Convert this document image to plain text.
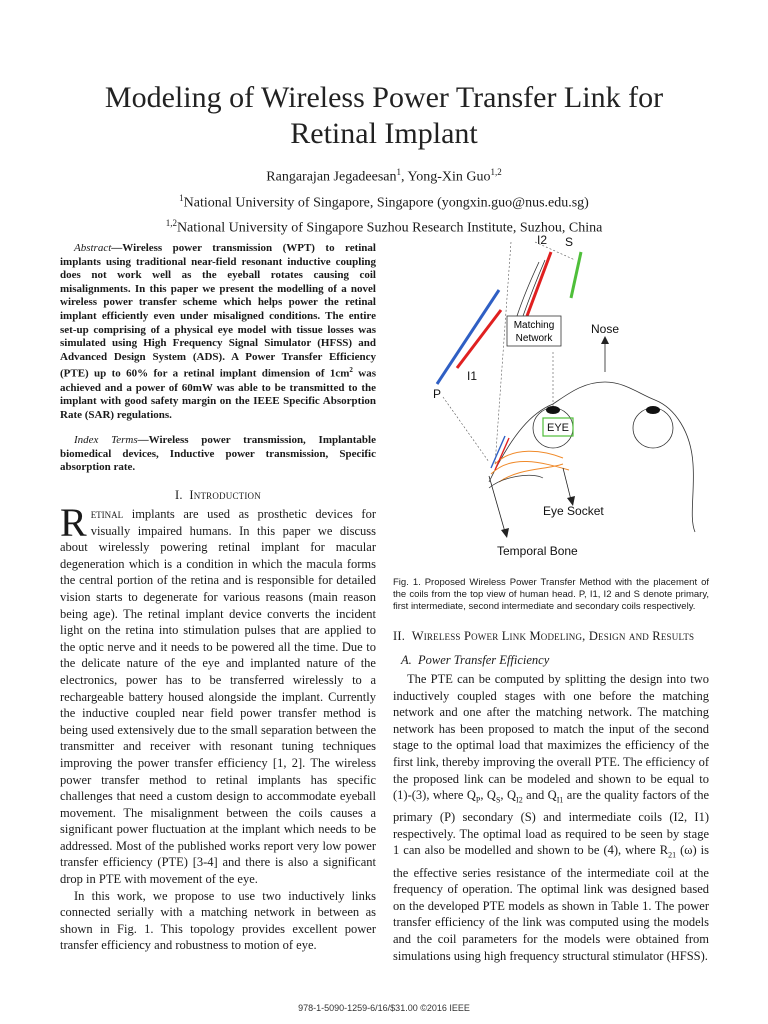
Modeling of Wireless Power Transfer Link for
Retinal Implant
Rangarajan Jegadeesan$^1$, Yong-Xin Guo$^{1,2}$
$^1$National University of Singapore, Singapore (yongxin.guo@nus.edu.sg)
$^{1,2}$National University of Singapore Suzhou Research Institute, Suzhou, China
Abstract—Wireless power transmission (WPT) to retinal implants using traditional near-field resonant inductive coupling does not work well as the eyeball rotates causing coil misalignments. In this paper we present the modelling of a novel wireless power transfer scheme which helps power the retinal implant efficiently even under misaligned conditions. The entire set-up comprising of a physical eye model with tissue losses was simulated using High Frequency Signal Simulator (HFSS) and Advanced Design System (ADS). A Power Transfer Efficiency (PTE) up to 60% for a retinal implant dimension of $1cm^2$ was achieved and a power of 60mW was able to be transmitted to the implant with good safety margin on the IEEE Specific Absorption Rate (SAR) regulations.
Index Terms—Wireless power transmission, Implantable biomedical devices, Inductive power transmission, Specific absorption rate.
I. Introduction

Retinal implants are used as prosthetic devices for visually impaired humans. In this paper we discuss about wirelessly powering retinal implant for macular degeneration which is a condition in which the macula forms the central portion of the retina and is responsible for detailed vision starts to degenerate for various reasons (main reason being age). The retinal implant device converts the incident light on the retina into stimulation pulses that are applied to the optic nerve and it needs to be powered all the time. Due to the delicate nature of the eye and implanted nature of the electronics, power has to be transferred wirelessly to a rechargeable battery housed alongside the implant. Currently the inductive coupled near field power transfer method is being used extensively due to the small separation between the transmitter and receiver with resonant tuning techniques improving the power transfer efficiency [1, 2]. The wireless power transfer method to retinal implants has specific challenges that need a custom design to accommodate eyeball movement. The misalignment between the coils causes a significant power fluctuation at the implant which needs to be addressed. Most of the published works report very low power transfer efficiency (PTE) [3-4] and there is also a significant drop in PTE with movement of the eye.

In this work, we propose to use two inductively links connected serially with a matching network in between as shown in Fig. 1. This topology provides excellent power transfer efficiency and robustness to motion of eye.

Matching
Network
I2 S
Nose
I1
P
EYE
Eye Socket
Temporal Bone
Fig. 1. Proposed Wireless Power Transfer Method with the placement of the coils from the top view of human head. P, I1, I2 and S denote primary, first intermediate, second intermediate and secondary coils respectively.
II. Wireless Power Link Modeling, Design and Results
A. Power Transfer Efficiency

The PTE can be computed by splitting the design into two inductively coupled stages with one before the matching network and one after the matching network. The matching network has been proposed to match the input of the second stage to the optimal load that maximizes the efficiency of the first link, thereby improving the overall PTE. The efficiency of the proposed link can be modeled and shown to be equal to (1)-(3), where $Q_P$, $Q_S$, $Q_{I2}$ and $Q_{I1}$ are the quality factors of the primary (P) secondary (S) and intermediate coils (I2, I1) respectively. The optimal load as required to be seen by stage 1 can also be modelled and shown to be (4), where $R_{21}$ (ω) is the effective series resistance of the intermediate coil at the frequency of operation. The optimal link was designed based on the developed PTE models as shown in Table 1. The power transfer efficiency of the link was computed using the models and the coil parameters for the models were obtained from simulations using high frequency structural stimulator (HFSS).

978-1-5090-1259-6/16/$31.00 ©2016 IEEE
